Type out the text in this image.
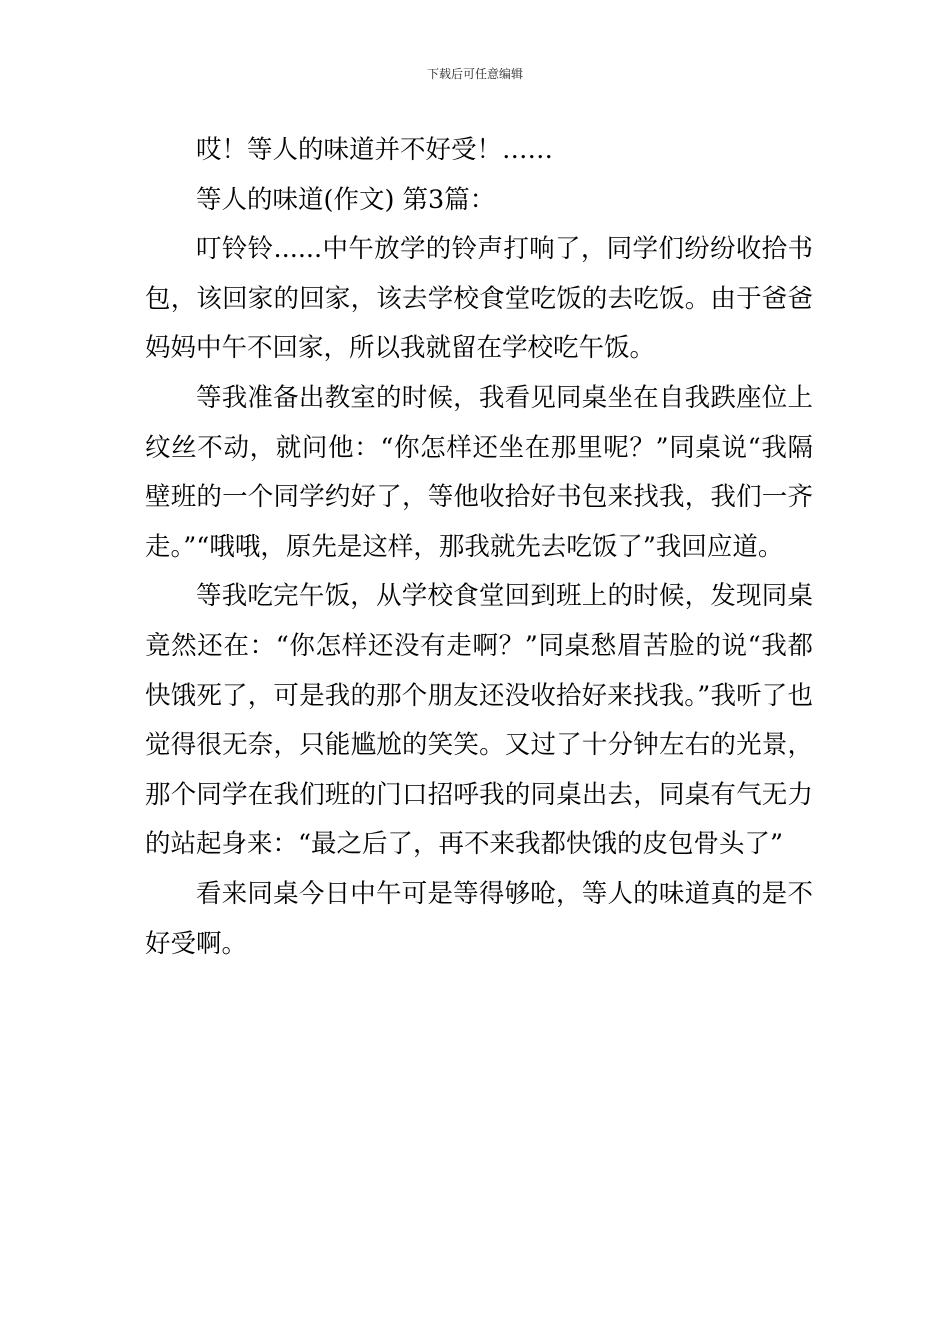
下载后可任意编辑

哎！等人的味道并不好受！……

等人的味道(作文) 第3篇：

叮铃铃......中午放学的铃声打响了，同学们纷纷收拾书包，该回家的回家，该去学校食堂吃饭的去吃饭。由于爸爸妈妈中午不回家，所以我就留在学校吃午饭。

等我准备出教室的时候，我看见同桌坐在自我跌座位上纹丝不动，就问他：“你怎样还坐在那里呢？”同桌说“我隔壁班的一个同学约好了，等他收拾好书包来找我，我们一齐走。”“哦哦，原先是这样，那我就先去吃饭了”我回应道。

等我吃完午饭，从学校食堂回到班上的时候，发现同桌竟然还在：“你怎样还没有走啊？”同桌愁眉苦脸的说“我都快饿死了，可是我的那个朋友还没收拾好来找我。”我听了也觉得很无奈，只能尴尬的笑笑。又过了十分钟左右的光景，那个同学在我们班的门口招呼我的同桌出去，同桌有气无力的站起身来：“最之后了，再不来我都快饿的皮包骨头了”

看来同桌今日中午可是等得够呛，等人的味道真的是不好受啊。
